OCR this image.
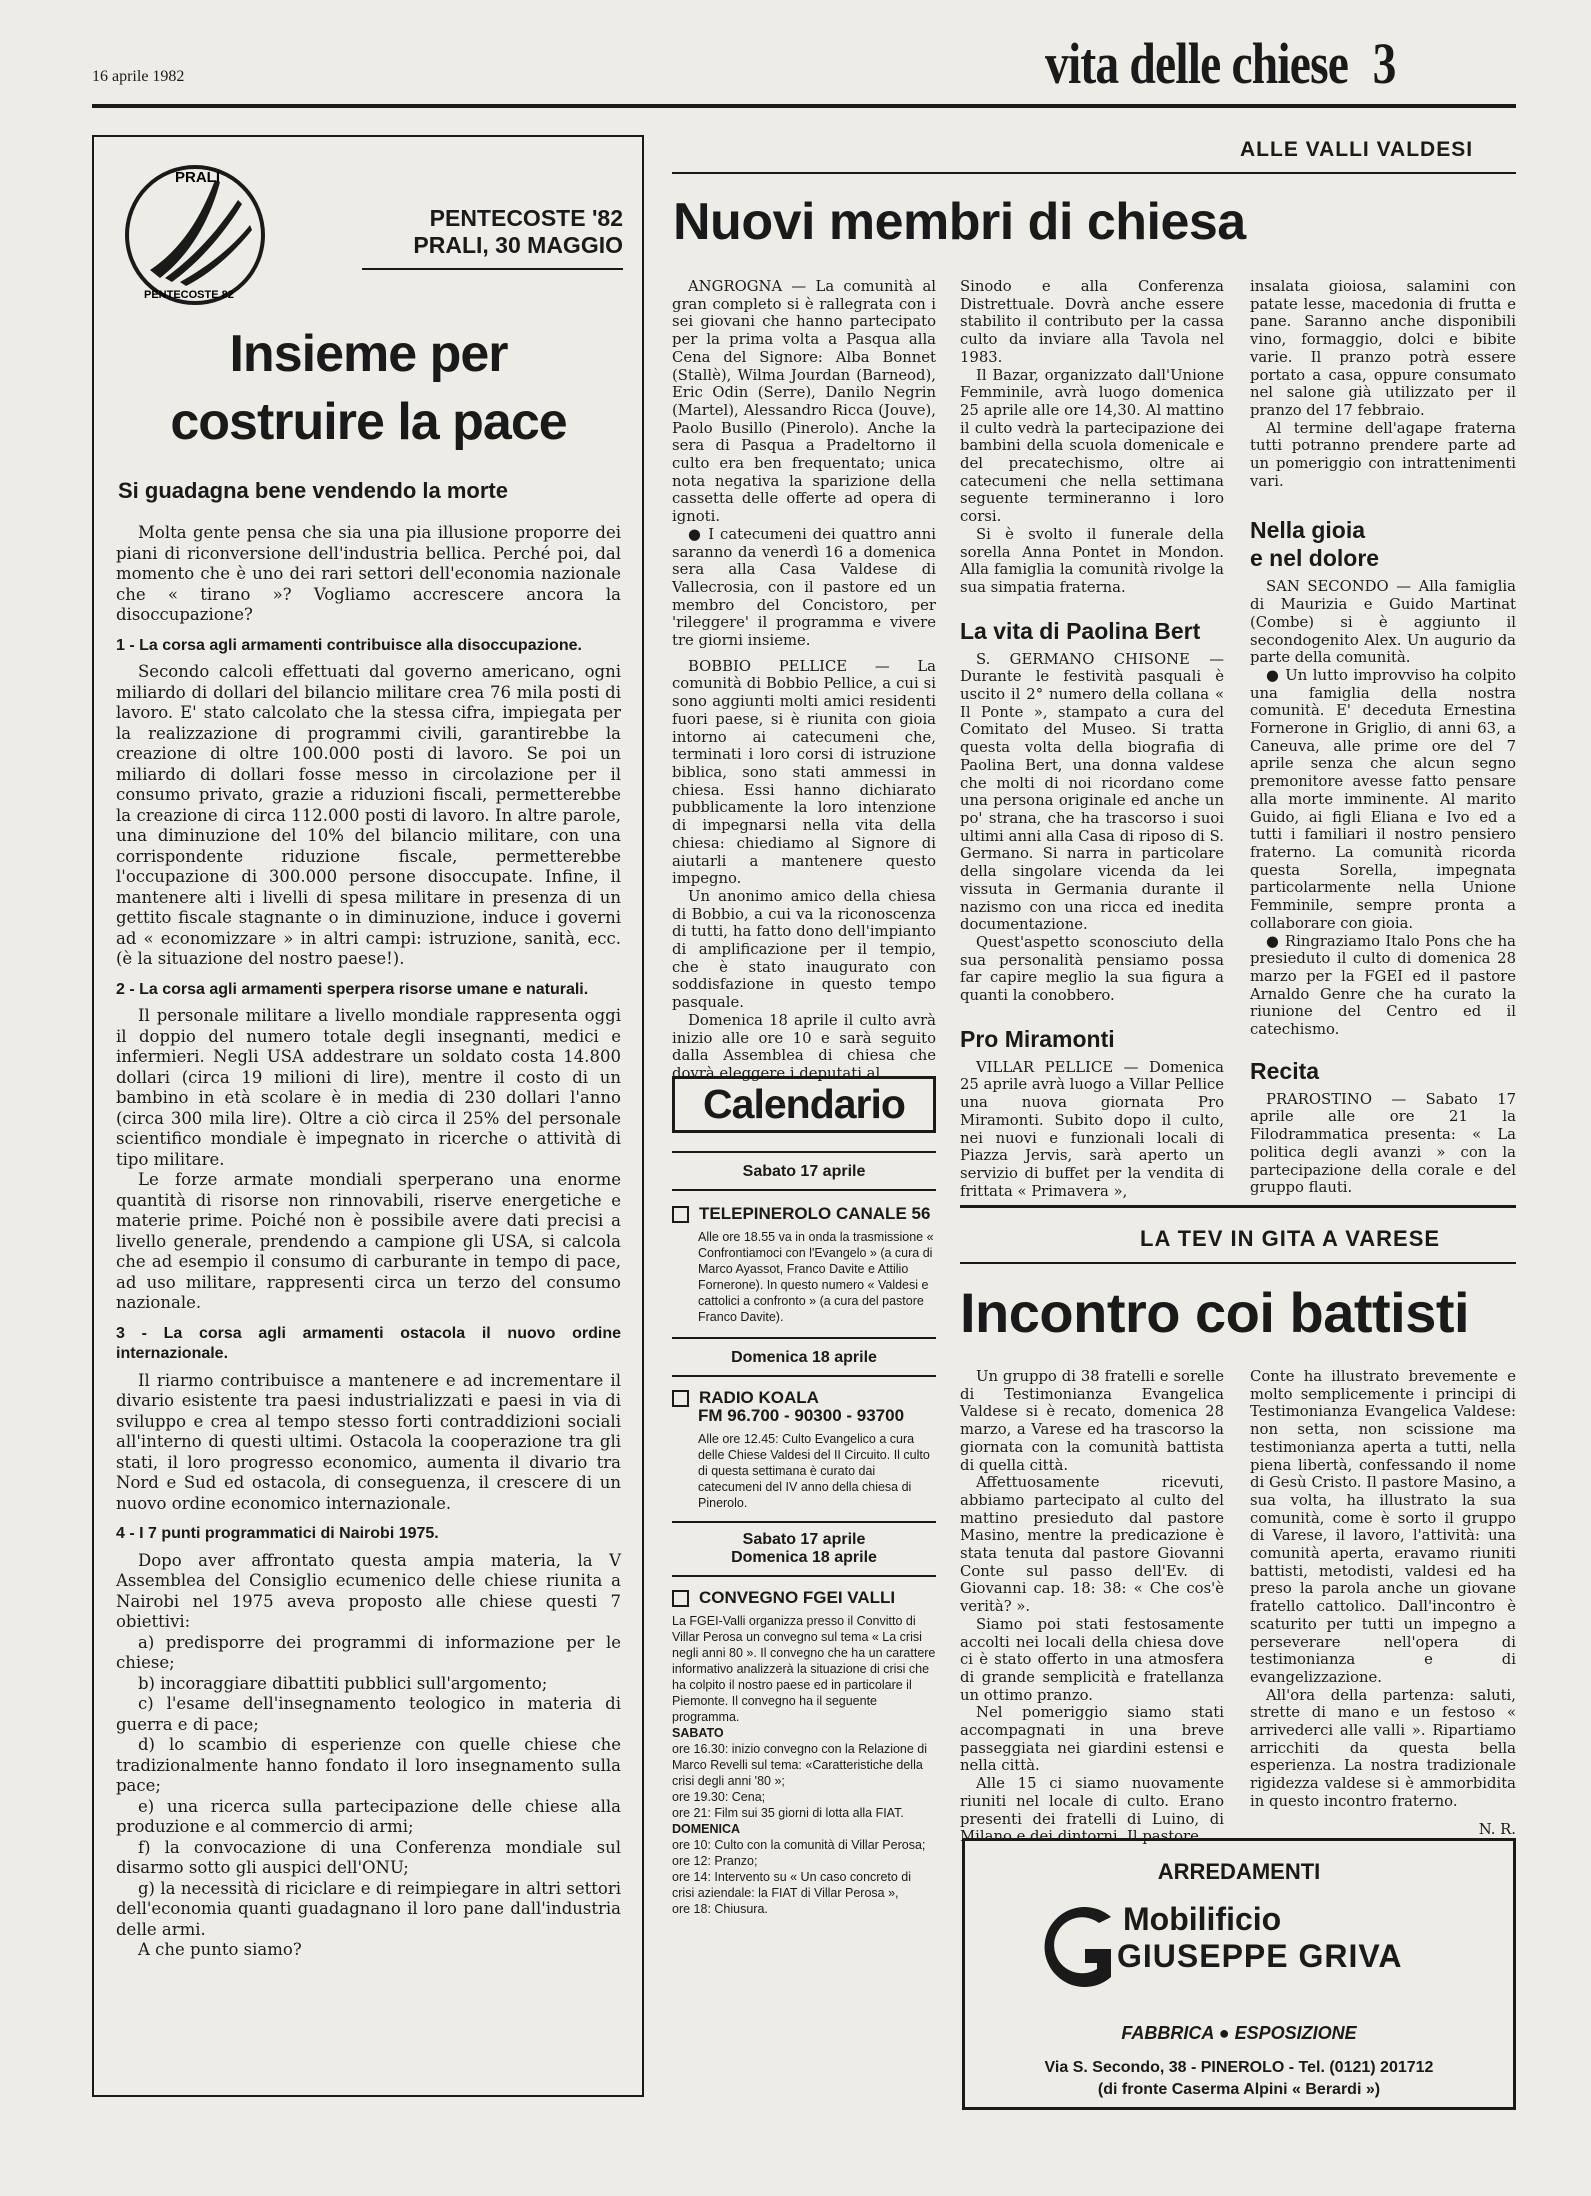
16 aprile 1982	vita delle chiese 3
PRALI
PENTECOSTE 82
PENTECOSTE '82
PRALI, 30 MAGGIO
Insieme per
costruire la pace
Si guadagna bene vendendo la morte

Molta gente pensa che sia una pia illusione proporre dei piani di riconversione dell'industria bellica. Perché poi, dal momento che è uno dei rari settori dell'economia nazionale che « tirano »? Vogliamo accrescere ancora la disoccupazione?

1 - La corsa agli armamenti contribuisce alla disoccupazione.

Secondo calcoli effettuati dal governo americano, ogni miliardo di dollari del bilancio militare crea 76 mila posti di lavoro. E' stato calcolato che la stessa cifra, impiegata per la realizzazione di programmi civili, garantirebbe la creazione di oltre 100.000 posti di lavoro. Se poi un miliardo di dollari fosse messo in circolazione per il consumo privato, grazie a riduzioni fiscali, permetterebbe la creazione di circa 112.000 posti di lavoro. In altre parole, una diminuzione del 10% del bilancio militare, con una corrispondente riduzione fiscale, permetterebbe l'occupazione di 300.000 persone disoccupate. Infine, il mantenere alti i livelli di spesa militare in presenza di un gettito fiscale stagnante o in diminuzione, induce i governi ad « economizzare » in altri campi: istruzione, sanità, ecc. (è la situazione del nostro paese!).

2 - La corsa agli armamenti sperpera risorse umane e naturali.

Il personale militare a livello mondiale rappresenta oggi il doppio del numero totale degli insegnanti, medici e infermieri. Negli USA addestrare un soldato costa 14.800 dollari (circa 19 milioni di lire), mentre il costo di un bambino in età scolare è in media di 230 dollari l'anno (circa 300 mila lire). Oltre a ciò circa il 25% del personale scientifico mondiale è impegnato in ricerche o attività di tipo militare.

Le forze armate mondiali sperperano una enorme quantità di risorse non rinnovabili, riserve energetiche e materie prime. Poiché non è possibile avere dati precisi a livello generale, prendendo a campione gli USA, si calcola che ad esempio il consumo di carburante in tempo di pace, ad uso militare, rappresenti circa un terzo del consumo nazionale.

3 - La corsa agli armamenti ostacola il nuovo ordine internazionale.

Il riarmo contribuisce a mantenere e ad incrementare il divario esistente tra paesi industrializzati e paesi in via di sviluppo e crea al tempo stesso forti contraddizioni sociali all'interno di questi ultimi. Ostacola la cooperazione tra gli stati, il loro progresso economico, aumenta il divario tra Nord e Sud ed ostacola, di conseguenza, il crescere di un nuovo ordine economico internazionale.

4 - I 7 punti programmatici di Nairobi 1975.

Dopo aver affrontato questa ampia materia, la V Assemblea del Consiglio ecumenico delle chiese riunita a Nairobi nel 1975 aveva proposto alle chiese questi 7 obiettivi:

a) predisporre dei programmi di informazione per le chiese;

b) incoraggiare dibattiti pubblici sull'argomento;

c) l'esame dell'insegnamento teologico in materia di guerra e di pace;

d) lo scambio di esperienze con quelle chiese che tradizionalmente hanno fondato il loro insegnamento sulla pace;

e) una ricerca sulla partecipazione delle chiese alla produzione e al commercio di armi;

f) la convocazione di una Conferenza mondiale sul disarmo sotto gli auspici dell'ONU;

g) la necessità di riciclare e di reimpiegare in altri settori dell'economia quanti guadagnano il loro pane dall'industria delle armi.

A che punto siamo?

ALLE VALLI VALDESI
Nuovi membri di chiesa

ANGROGNA — La comunità al gran completo si è rallegrata con i sei giovani che hanno partecipato per la prima volta a Pasqua alla Cena del Signore: Alba Bonnet (Stallè), Wilma Jourdan (Barneod), Eric Odin (Serre), Danilo Negrin (Martel), Alessandro Ricca (Jouve), Paolo Busillo (Pinerolo). Anche la sera di Pasqua a Pradeltorno il culto era ben frequentato; unica nota negativa la sparizione della cassetta delle offerte ad opera di ignoti.

● I catecumeni dei quattro anni saranno da venerdì 16 a domenica sera alla Casa Valdese di Vallecrosia, con il pastore ed un membro del Concistoro, per 'rileggere' il programma e vivere tre giorni insieme.

BOBBIO PELLICE — La comunità di Bobbio Pellice, a cui si sono aggiunti molti amici residenti fuori paese, si è riunita con gioia intorno ai catecumeni che, terminati i loro corsi di istruzione biblica, sono stati ammessi in chiesa. Essi hanno dichiarato pubblicamente la loro intenzione di impegnarsi nella vita della chiesa: chiediamo al Signore di aiutarli a mantenere questo impegno.

Un anonimo amico della chiesa di Bobbio, a cui va la riconoscenza di tutti, ha fatto dono dell'impianto di amplificazione per il tempio, che è stato inaugurato con soddisfazione in questo tempo pasquale.

Domenica 18 aprile il culto avrà inizio alle ore 10 e sarà seguito dalla Assemblea di chiesa che dovrà eleggere i deputati al

Sinodo e alla Conferenza Distrettuale. Dovrà anche essere stabilito il contributo per la cassa culto da inviare alla Tavola nel 1983.

Il Bazar, organizzato dall'Unione Femminile, avrà luogo domenica 25 aprile alle ore 14,30. Al mattino il culto vedrà la partecipazione dei bambini della scuola domenicale e del precatechismo, oltre ai catecumeni che nella settimana seguente termineranno i loro corsi.

Si è svolto il funerale della sorella Anna Pontet in Mondon. Alla famiglia la comunità rivolge la sua simpatia fraterna.

La vita di Paolina Bert

S. GERMANO CHISONE — Durante le festività pasquali è uscito il 2° numero della collana « Il Ponte », stampato a cura del Comitato del Museo. Si tratta questa volta della biografia di Paolina Bert, una donna valdese che molti di noi ricordano come una persona originale ed anche un po' strana, che ha trascorso i suoi ultimi anni alla Casa di riposo di S. Germano. Si narra in particolare della singolare vicenda da lei vissuta in Germania durante il nazismo con una ricca ed inedita documentazione.

Quest'aspetto sconosciuto della sua personalità pensiamo possa far capire meglio la sua figura a quanti la conobbero.

Pro Miramonti

VILLAR PELLICE — Domenica 25 aprile avrà luogo a Villar Pellice una nuova giornata Pro Miramonti. Subito dopo il culto, nei nuovi e funzionali locali di Piazza Jervis, sarà aperto un servizio di buffet per la vendita di frittata « Primavera »,

insalata gioiosa, salamini con patate lesse, macedonia di frutta e pane. Saranno anche disponibili vino, formaggio, dolci e bibite varie. Il pranzo potrà essere portato a casa, oppure consumato nel salone già utilizzato per il pranzo del 17 febbraio.

Al termine dell'agape fraterna tutti potranno prendere parte ad un pomeriggio con intrattenimenti vari.

Nella gioia
e nel dolore

SAN SECONDO — Alla famiglia di Maurizia e Guido Martinat (Combe) si è aggiunto il secondogenito Alex. Un augurio da parte della comunità.

● Un lutto improvviso ha colpito una famiglia della nostra comunità. E' deceduta Ernestina Fornerone in Griglio, di anni 63, a Caneuva, alle prime ore del 7 aprile senza che alcun segno premonitore avesse fatto pensare alla morte imminente. Al marito Guido, ai figli Eliana e Ivo ed a tutti i familiari il nostro pensiero fraterno. La comunità ricorda questa Sorella, impegnata particolarmente nella Unione Femminile, sempre pronta a collaborare con gioia.

● Ringraziamo Italo Pons che ha presieduto il culto di domenica 28 marzo per la FGEI ed il pastore Arnaldo Genre che ha curato la riunione del Centro ed il catechismo.

Recita

PRAROSTINO — Sabato 17 aprile alle ore 21 la Filodrammatica presenta: « La politica degli avanzi » con la partecipazione della corale e del gruppo flauti.

Calendario
Sabato 17 aprile
TELEPINEROLO CANALE 56
Alle ore 18.55 va in onda la trasmissione « Confrontiamoci con l'Evangelo » (a cura di Marco Ayassot, Franco Davite e Attilio Fornerone). In questo numero « Valdesi e cattolici a confronto » (a cura del pastore Franco Davite).
Domenica 18 aprile
RADIO KOALA
FM 96.700 - 90300 - 93700
Alle ore 12.45: Culto Evangelico a cura delle Chiese Valdesi del II Circuito. Il culto di questa settimana è curato dai catecumeni del IV anno della chiesa di Pinerolo.
Sabato 17 aprile
Domenica 18 aprile
CONVEGNO FGEI VALLI
La FGEI-Valli organizza presso il Convitto di Villar Perosa un convegno sul tema « La crisi negli anni 80 ». Il convegno che ha un carattere informativo analizzerà la situazione di crisi che ha colpito il nostro paese ed in particolare il Piemonte. Il convegno ha il seguente programma.
SABATO
ore 16.30: inizio convegno con la Relazione di Marco Revelli sul tema: «Caratteristiche della crisi degli anni '80 »;
ore 19.30: Cena;
ore 21: Film sui 35 giorni di lotta alla FIAT.
DOMENICA
ore 10: Culto con la comunità di Villar Perosa;
ore 12: Pranzo;
ore 14: Intervento su « Un caso concreto di crisi aziendale: la FIAT di Villar Perosa »,
ore 18: Chiusura.
LA TEV IN GITA A VARESE
Incontro coi battisti

Un gruppo di 38 fratelli e sorelle di Testimonianza Evangelica Valdese si è recato, domenica 28 marzo, a Varese ed ha trascorso la giornata con la comunità battista di quella città.

Affettuosamente ricevuti, abbiamo partecipato al culto del mattino presieduto dal pastore Masino, mentre la predicazione è stata tenuta dal pastore Giovanni Conte sul passo dell'Ev. di Giovanni cap. 18: 38: « Che cos'è verità? ».

Siamo poi stati festosamente accolti nei locali della chiesa dove ci è stato offerto in una atmosfera di grande semplicità e fratellanza un ottimo pranzo.

Nel pomeriggio siamo stati accompagnati in una breve passeggiata nei giardini estensi e nella città.

Alle 15 ci siamo nuovamente riuniti nel locale di culto. Erano presenti dei fratelli di Luino, di Milano e dei dintorni. Il pastore

Conte ha illustrato brevemente e molto semplicemente i principi di Testimonianza Evangelica Valdese: non setta, non scissione ma testimonianza aperta a tutti, nella piena libertà, confessando il nome di Gesù Cristo. Il pastore Masino, a sua volta, ha illustrato la sua comunità, come è sorto il gruppo di Varese, il lavoro, l'attività: una comunità aperta, eravamo riuniti battisti, metodisti, valdesi ed ha preso la parola anche un giovane fratello cattolico. Dall'incontro è scaturito per tutti un impegno a perseverare nell'opera di testimonianza e di evangelizzazione.

All'ora della partenza: saluti, strette di mano e un festoso « arrivederci alle valli ». Ripartiamo arricchiti da questa bella esperienza. La nostra tradizionale rigidezza valdese si è ammorbidita in questo incontro fraterno.

N. R.

ARREDAMENTI
Mobilificio
GIUSEPPE GRIVA
FABBRICA ● ESPOSIZIONE
Via S. Secondo, 38 - PINEROLO - Tel. (0121) 201712
(di fronte Caserma Alpini « Berardi »)
